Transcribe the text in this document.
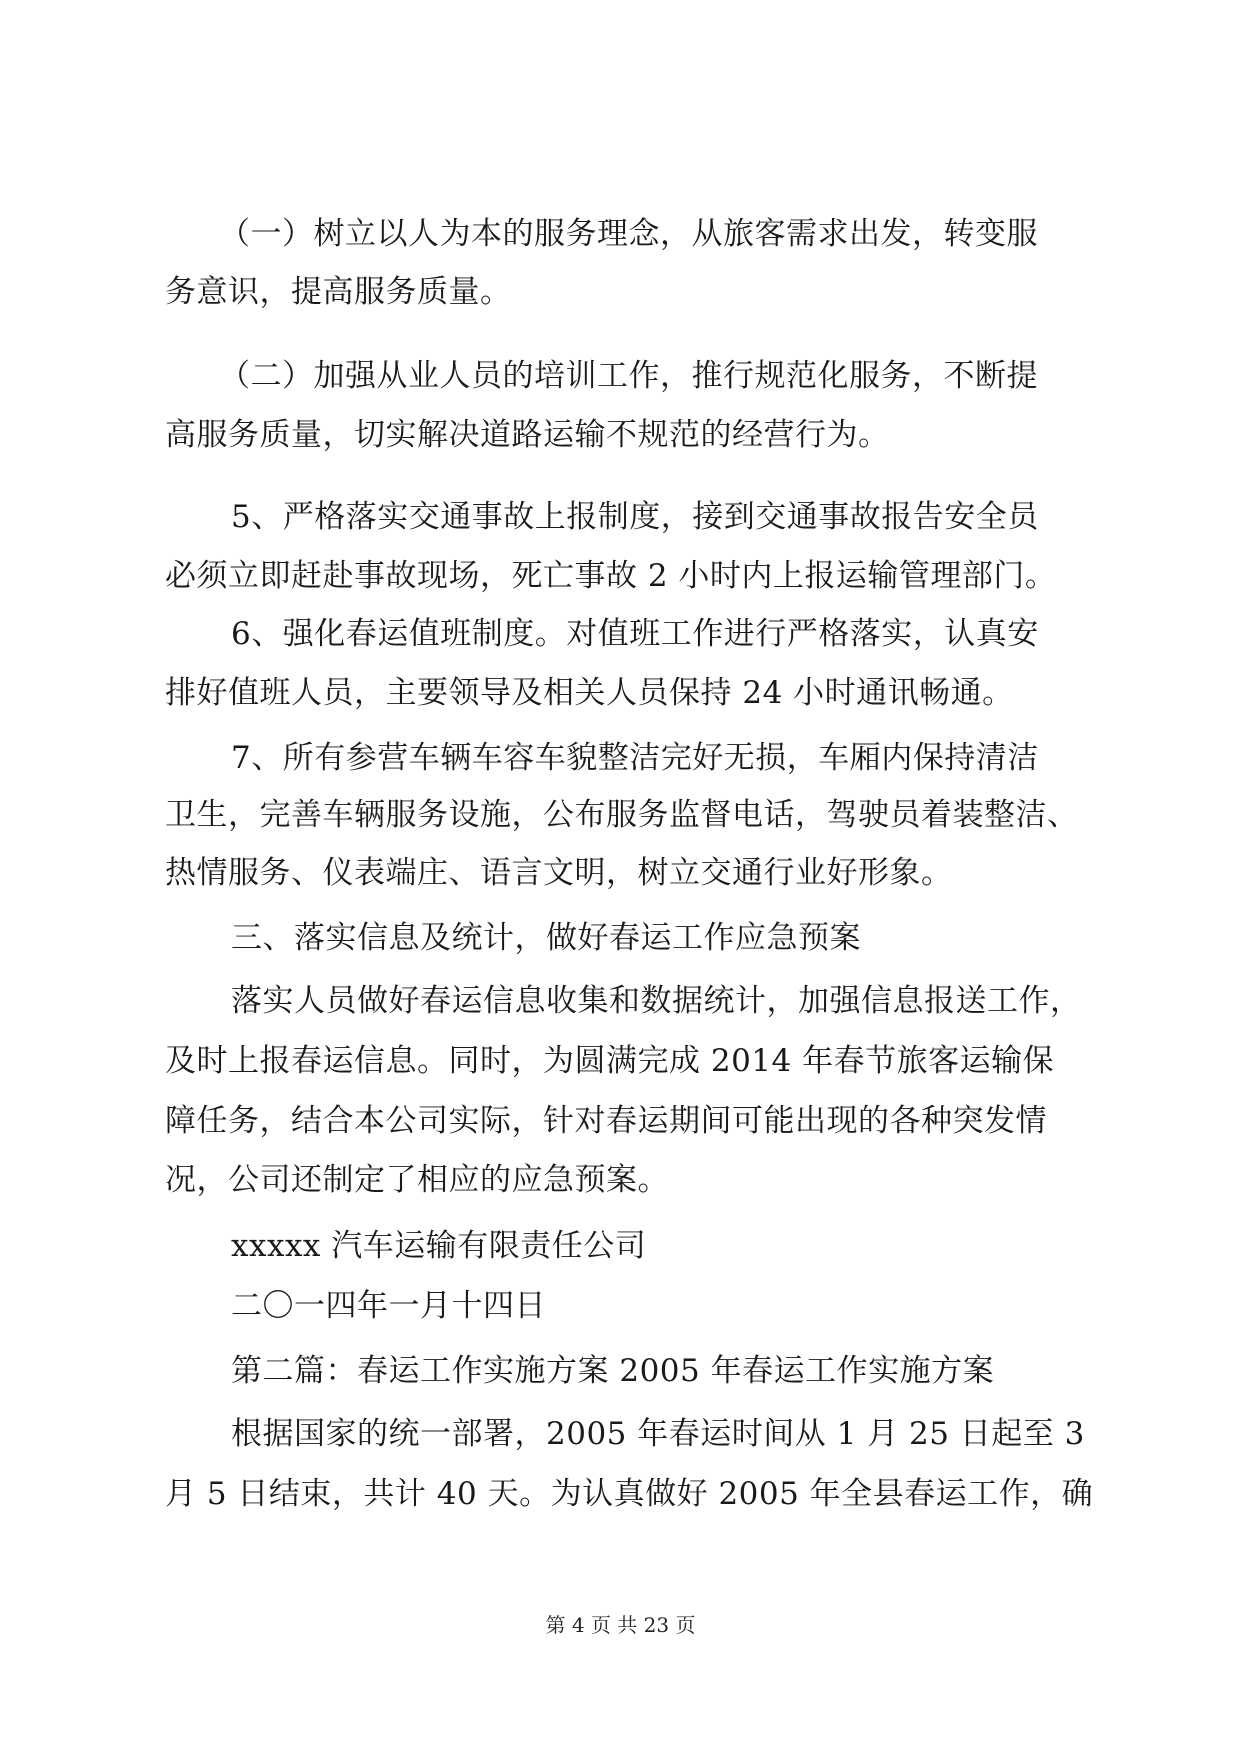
（一）树立以人为本的服务理念，从旅客需求出发，转变服
务意识，提高服务质量。
（二）加强从业人员的培训工作，推行规范化服务，不断提
高服务质量，切实解决道路运输不规范的经营行为。
5、严格落实交通事故上报制度，接到交通事故报告安全员
必须立即赶赴事故现场，死亡事故 2 小时内上报运输管理部门。
6、强化春运值班制度。对值班工作进行严格落实，认真安
排好值班人员，主要领导及相关人员保持 24 小时通讯畅通。
7、所有参营车辆车容车貌整洁完好无损，车厢内保持清洁
卫生，完善车辆服务设施，公布服务监督电话，驾驶员着装整洁、
热情服务、仪表端庄、语言文明，树立交通行业好形象。
三、落实信息及统计，做好春运工作应急预案
落实人员做好春运信息收集和数据统计，加强信息报送工作，
及时上报春运信息。同时，为圆满完成 2014 年春节旅客运输保
障任务，结合本公司实际，针对春运期间可能出现的各种突发情
况，公司还制定了相应的应急预案。
xxxxx 汽车运输有限责任公司
二〇一四年一月十四日
第二篇：春运工作实施方案 2005 年春运工作实施方案
根据国家的统一部署，2005 年春运时间从 1 月 25 日起至 3
月 5 日结束，共计 40 天。为认真做好 2005 年全县春运工作，确
第 4 页 共 23 页
